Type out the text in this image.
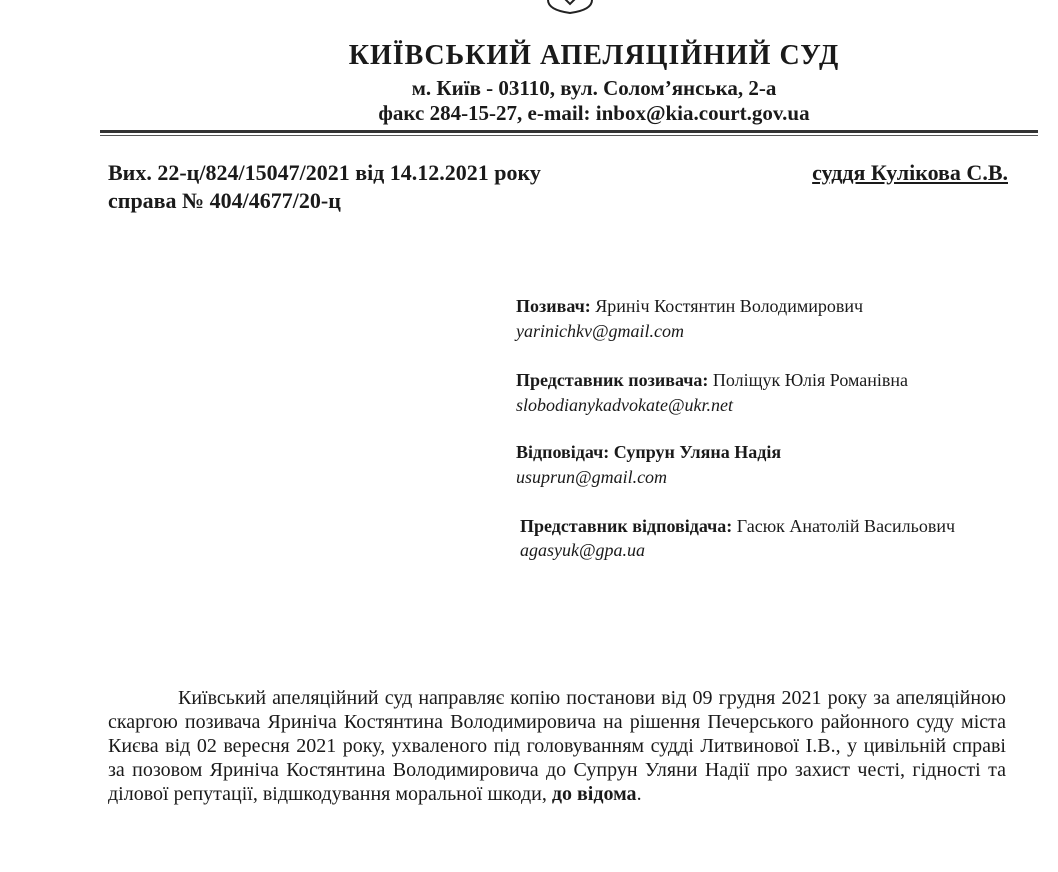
КИЇВСЬКИЙ АПЕЛЯЦІЙНИЙ СУД
м. Київ - 03110, вул. Солом’янська, 2-а
факс 284-15-27, e-mail: inbox@kia.court.gov.ua
Вих. 22-ц/824/15047/2021 від 14.12.2021 року
справа № 404/4677/20-ц
суддя Кулікова С.В.
Позивач: Яриніч Костянтин Володимирович
yarinichkv@gmail.com
Представник позивача: Поліщук Юлія Романівна
slobodianykadvokate@ukr.net
Відповідач: Супрун Уляна Надія
usuprun@gmail.com
Представник відповідача: Гасюк Анатолій Васильович
agasyuk@gpa.ua
Київський апеляційний суд направляє копію постанови від 09 грудня 2021 року за апеляційною скаргою позивача Яриніча Костянтина Володимировича на рішення Печерського районного суду міста Києва від 02 вересня 2021 року, ухваленого під головуванням судді Литвинової І.В., у цивільній справі за позовом Яриніча Костянтина Володимировича до Супрун Уляни Надії про захист честі, гідності та ділової репутації, відшкодування моральної шкоди, до відома.
